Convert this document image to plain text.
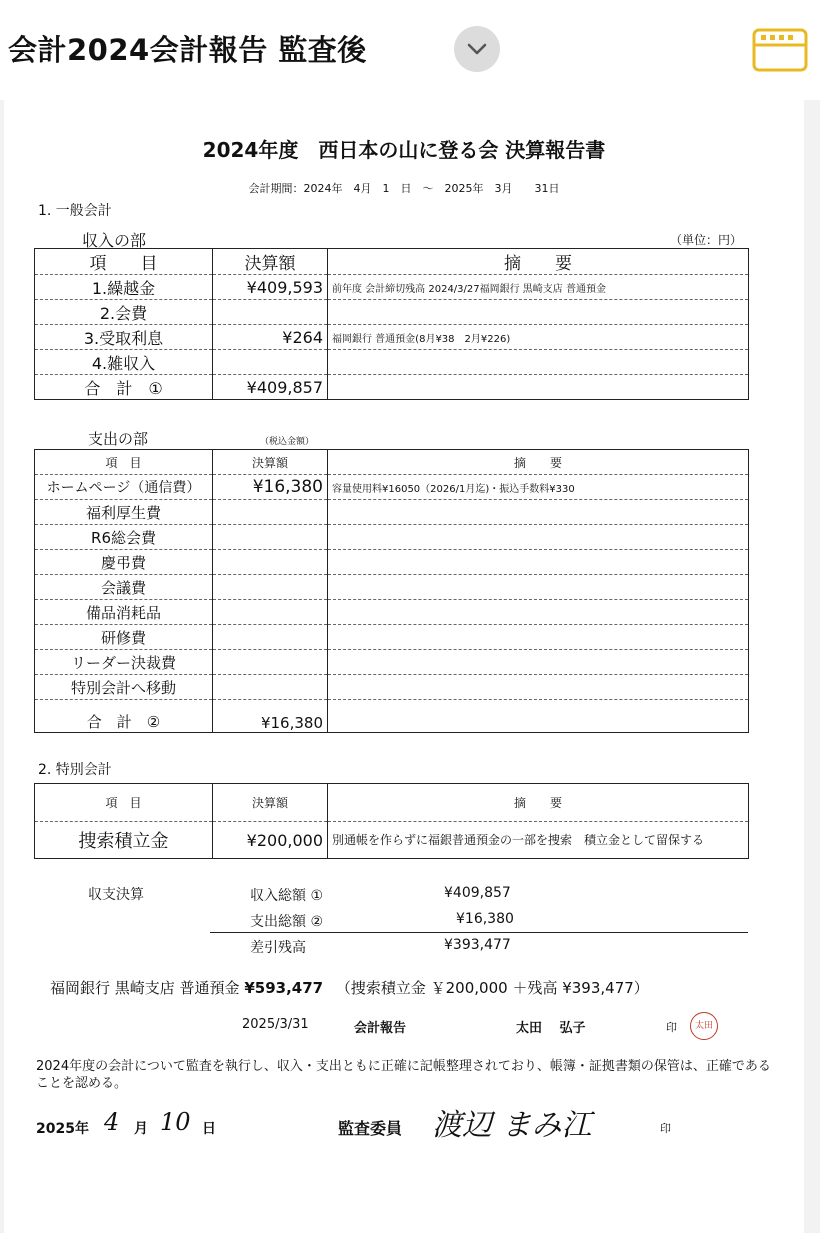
会計2024会計報告 監査後
2024年度　西日本の山に登る会 決算報告書
会計期間：2024年　4月　1　日　〜　2025年　3月　　31日
1. 一般会計
収入の部	（単位：円）
項　　目	決算額	摘　　要
1.繰越金	¥409,593	前年度 会計締切残高 2024/3/27福岡銀行 黒崎支店 普通預金
2.会費		
3.受取利息	¥264	福岡銀行 普通預金(8月¥38　2月¥226)
4.雑収入		
合　計　①	¥409,857	
支出の部	（税込金額）
項　目	決算額	摘　　要
ホームページ（通信費）	¥16,380	容量使用料¥16050（2026/1月迄)・振込手数料¥330
福利厚生費		
R6総会費		
慶弔費		
会議費		
備品消耗品		
研修費		
リーダー決裁費		
特別会計へ移動		
合　計　②	¥16,380	
2. 特別会計
項　目	決算額	摘　　要
捜索積立金	¥200,000	別通帳を作らずに福銀普通預金の一部を捜索　積立金として留保する
収支決算	収入総額 ①	¥409,857
支出総額 ②	¥16,380
差引残高	¥393,477
福岡銀行 黒崎支店 普通預金 ¥593,477 （捜索積立金 ￥200,000 ＋残高 ¥393,477）
2025/3/31	会計報告	太田　 弘子	印	太田
2024年度の会計について監査を執行し、収入・支出ともに正確に記帳整理されており、帳簿・証拠書類の保管は、正確であることを認める。
2025年 4 月 10 日	監査委員 渡辺 まみ江	印
